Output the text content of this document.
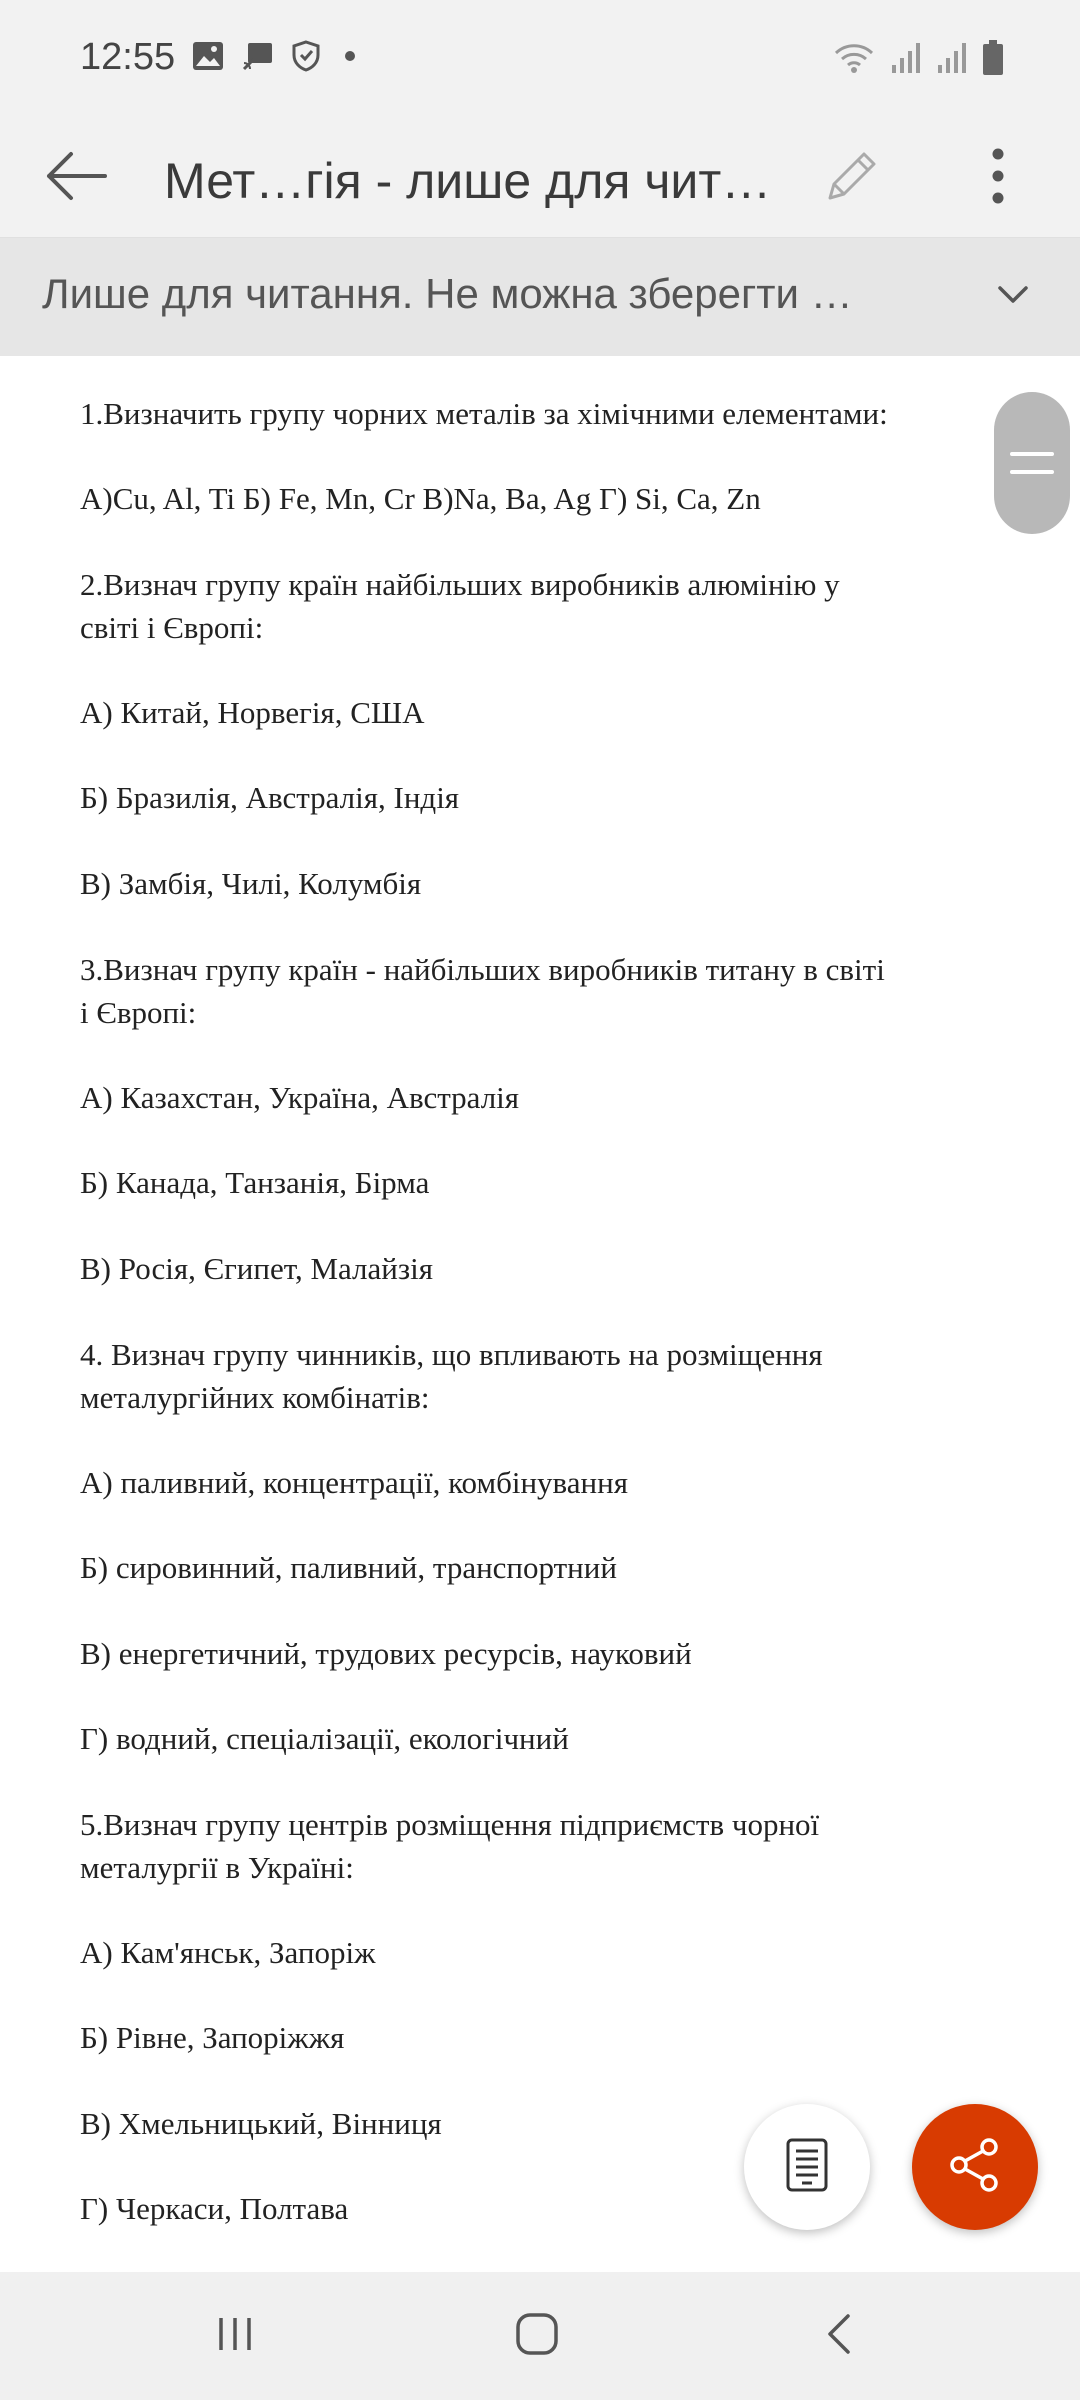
12:55
Мет…гія - лише для чит…
Лише для читання. Не можна зберегти …
1.Визначить групу чорних металів за хімічними елементами:
А)Cu, Al, Ti Б) Fe, Mn, Cr В)Na, Ba, Ag Г) Si, Ca, Zn
2.Визнач групу країн найбільших виробників алюмінію у
світі і Європі:
А) Китай, Норвегія, США
Б) Бразилія, Австралія, Індія
В) Замбія, Чилі, Колумбія
3.Визнач групу країн - найбільших виробників титану в світі
і Європі:
А) Казахстан, Україна, Австралія
Б) Канада, Танзанія, Бірма
В) Росія, Єгипет, Малайзія
4. Визнач групу чинників, що впливають на розміщення
металургійних комбінатів:
А) паливний, концентрації, комбінування
Б) сировинний, паливний, транспортний
В) енергетичний, трудових ресурсів, науковий
Г) водний, спеціалізації, екологічний
5.Визнач групу центрів розміщення підприємств чорної
металургії в Україні:
А) Кам'янськ, Запоріж
Б) Рівне, Запоріжжя
В) Хмельницький, Вінниця
Г) Черкаси, Полтава
